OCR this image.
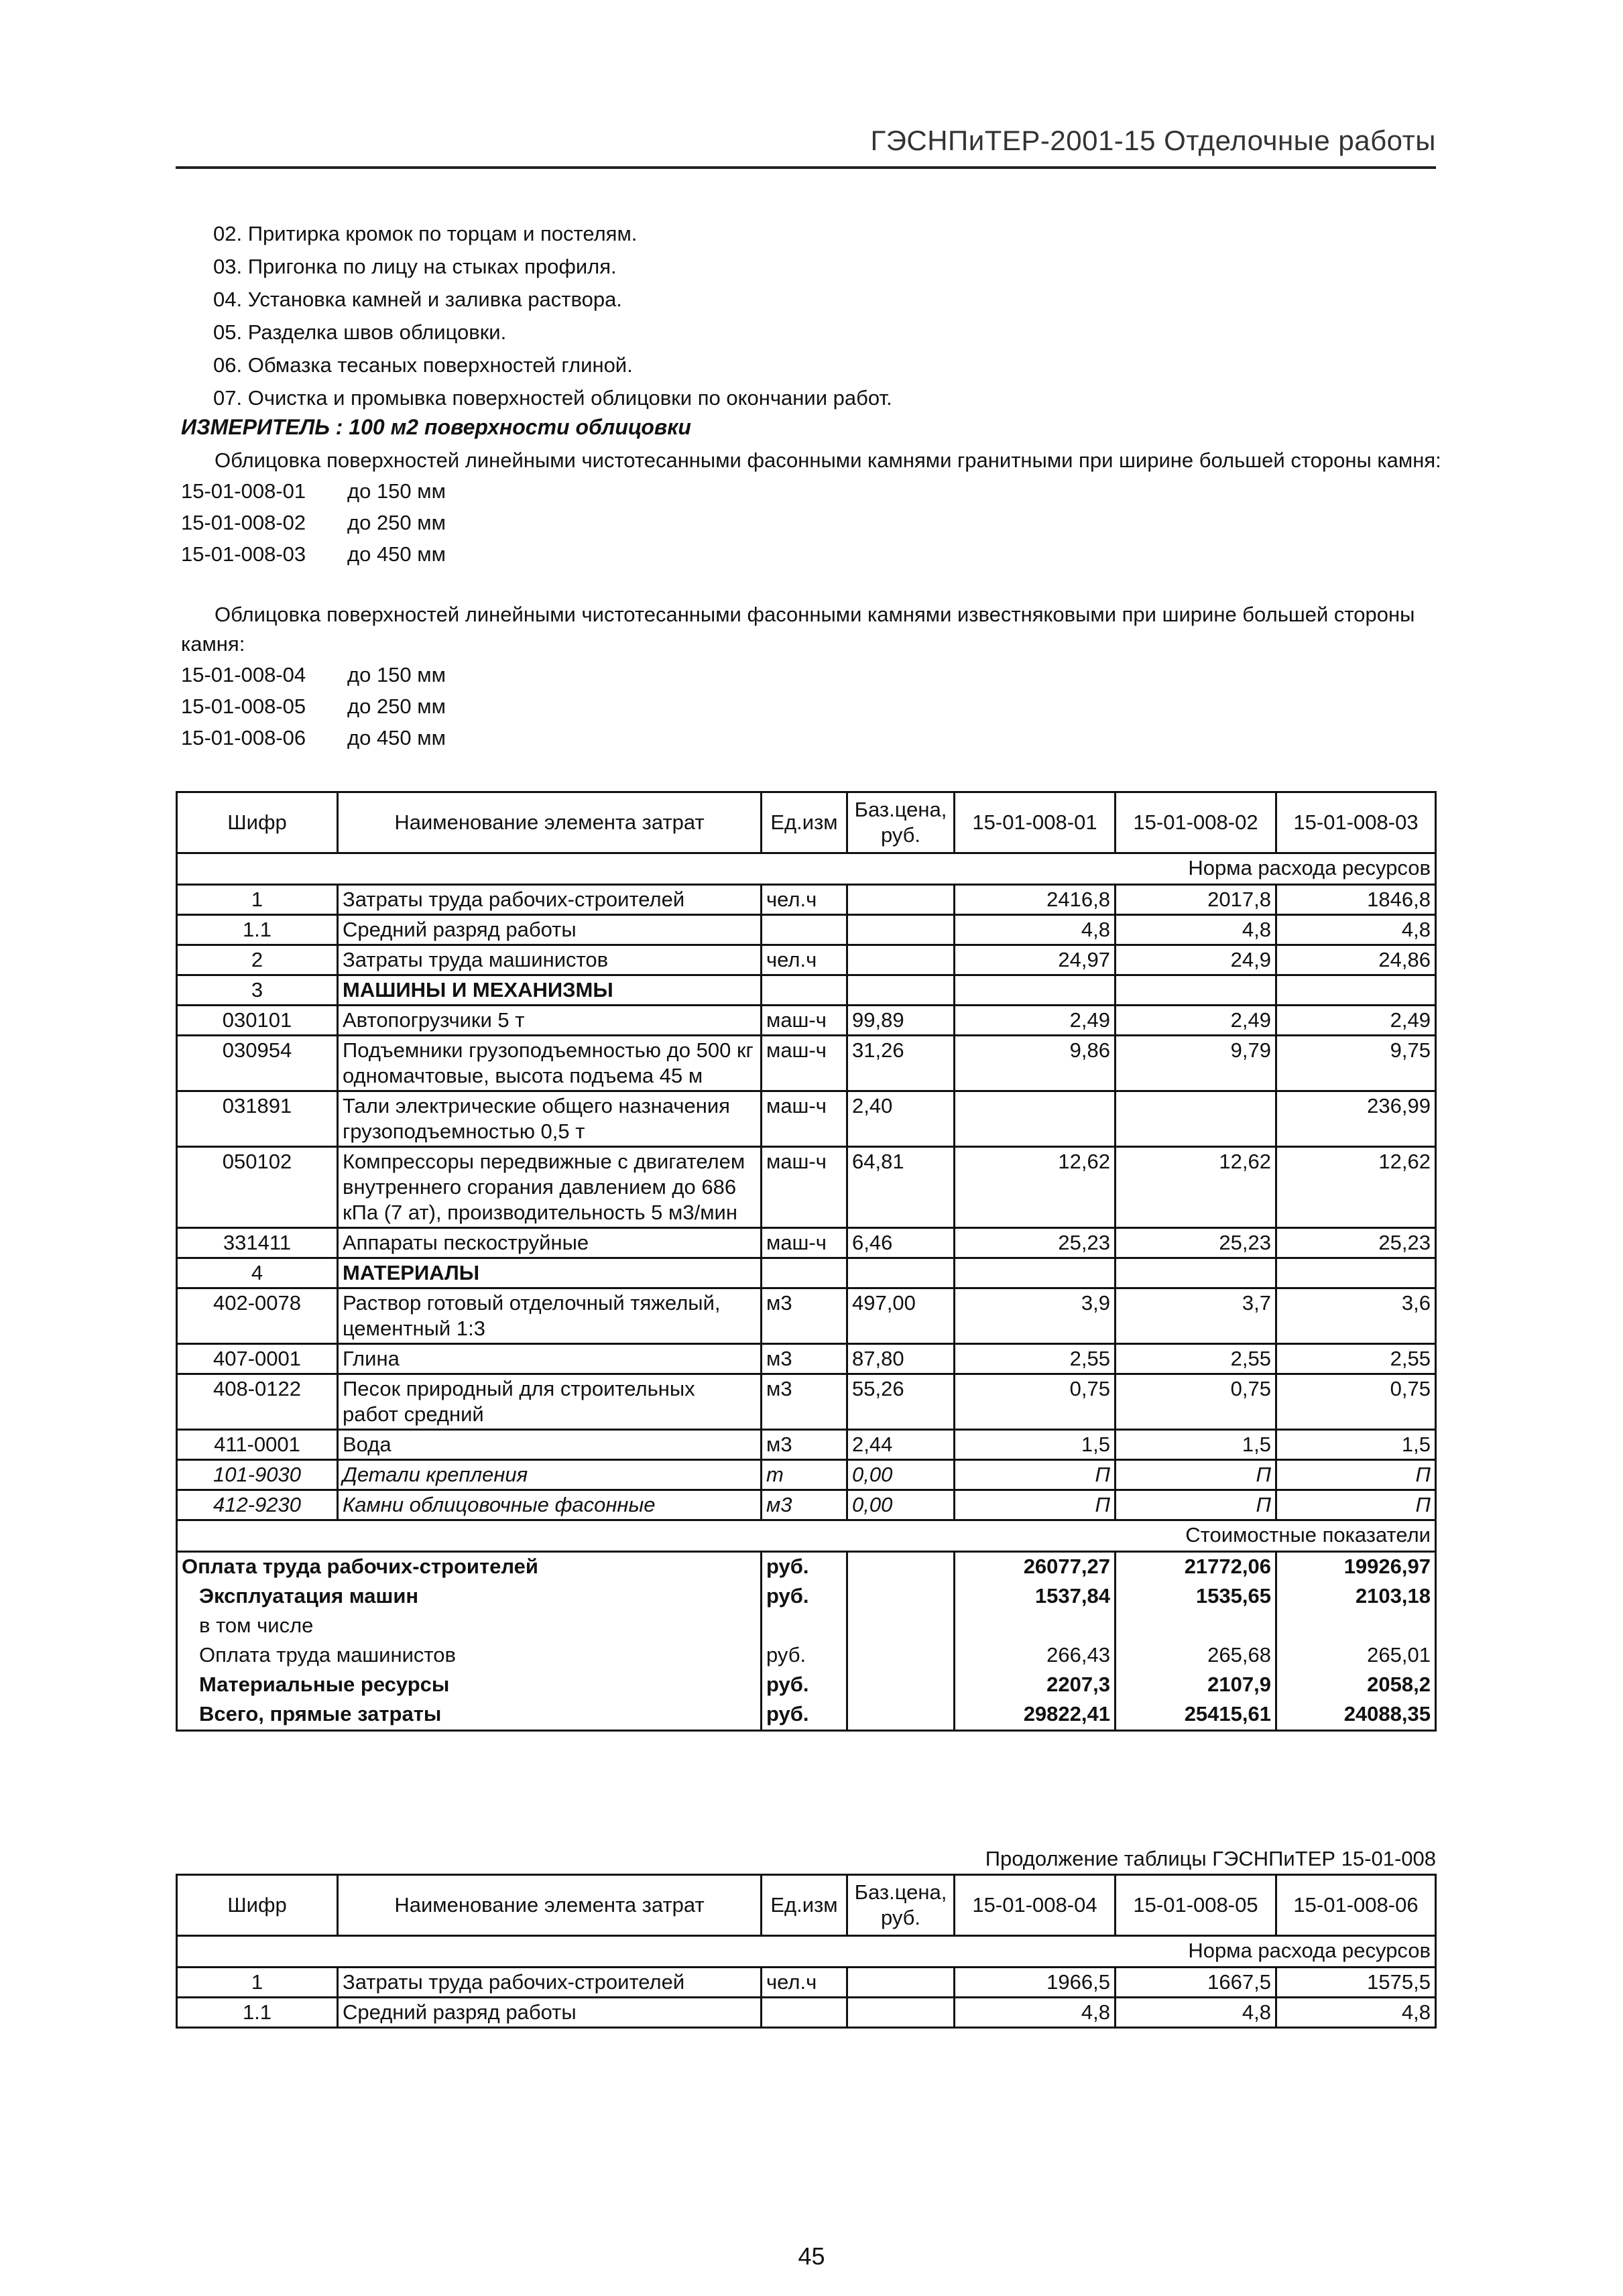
ГЭСНПиТЕР-2001-15 Отделочные работы
02. Притирка кромок по торцам и постелям.
03. Пригонка по лицу на стыках профиля.
04. Установка камней и заливка раствора.
05. Разделка швов облицовки.
06. Обмазка тесаных поверхностей глиной.
07. Очистка и промывка поверхностей облицовки по окончании работ.
ИЗМЕРИТЕЛЬ : 100 м2 поверхности облицовки
Облицовка поверхностей линейными чистотесанными фасонными камнями гранитными при ширине большей стороны камня:
15-01-008-01 до 150 мм
15-01-008-02 до 250 мм
15-01-008-03 до 450 мм
Облицовка поверхностей линейными чистотесанными фасонными камнями известняковыми при ширине большей стороны камня:
15-01-008-04 до 150 мм
15-01-008-05 до 250 мм
15-01-008-06 до 450 мм
Шифр	Наименование элемента затрат	Ед.изм	Баз.цена, руб.	15-01-008-01	15-01-008-02	15-01-008-03
Норма расхода ресурсов						
1	Затраты труда рабочих-строителей	чел.ч		2416,8	2017,8	1846,8
1.1	Средний разряд работы			4,8	4,8	4,8
2	Затраты труда машинистов	чел.ч		24,97	24,9	24,86
3	МАШИНЫ И МЕХАНИЗМЫ					
030101	Автопогрузчики 5 т	маш-ч	99,89	2,49	2,49	2,49
030954	Подъемники грузоподъемностью до 500 кг одномачтовые, высота подъема 45 м	маш-ч	31,26	9,86	9,79	9,75
031891	Тали электрические общего назначения грузоподъемностью 0,5 т	маш-ч	2,40			236,99
050102	Компрессоры передвижные с двигателем внутреннего сгорания давлением до 686 кПа (7 ат), производительность 5 м3/мин	маш-ч	64,81	12,62	12,62	12,62
331411	Аппараты пескоструйные	маш-ч	6,46	25,23	25,23	25,23
4	МАТЕРИАЛЫ					
402-0078	Раствор готовый отделочный тяжелый, цементный 1:3	м3	497,00	3,9	3,7	3,6
407-0001	Глина	м3	87,80	2,55	2,55	2,55
408-0122	Песок природный для строительных работ средний	м3	55,26	0,75	0,75	0,75
411-0001	Вода	м3	2,44	1,5	1,5	1,5
101-9030	Детали крепления	т	0,00	П	П	П
412-9230	Камни облицовочные фасонные	м3	0,00	П	П	П
Стоимостные показатели						
Оплата труда рабочих-строителей		руб.		26077,27	21772,06	19926,97
Эксплуатация машин		руб.		1537,84	1535,65	2103,18
в том числе						
Оплата труда машинистов		руб.		266,43	265,68	265,01
Материальные ресурсы		руб.		2207,3	2107,9	2058,2
Всего, прямые затраты		руб.		29822,41	25415,61	24088,35
Продолжение таблицы ГЭСНПиТЕР 15-01-008
Шифр	Наименование элемента затрат	Ед.изм	Баз.цена, руб.	15-01-008-04	15-01-008-05	15-01-008-06
Норма расхода ресурсов						
1	Затраты труда рабочих-строителей	чел.ч		1966,5	1667,5	1575,5
1.1	Средний разряд работы			4,8	4,8	4,8
45
